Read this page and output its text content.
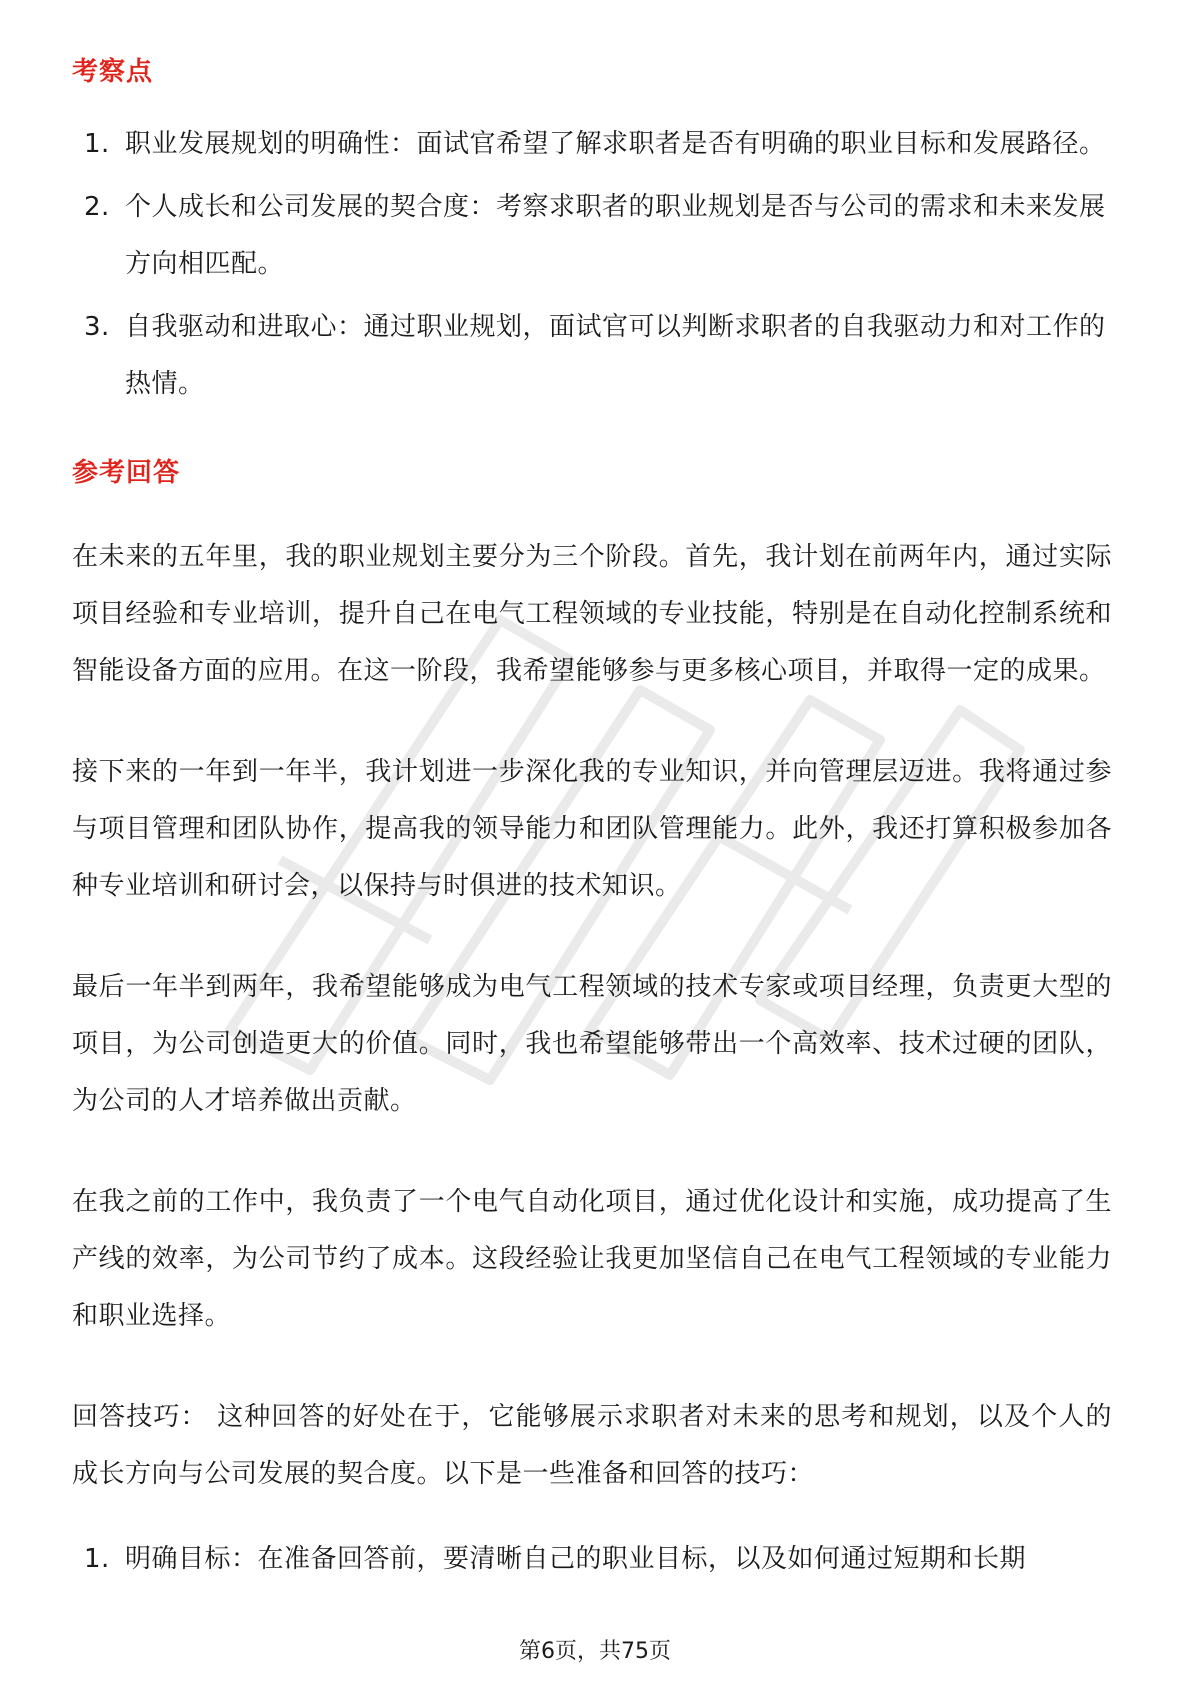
考察点
1. 职业发展规划的明确性：面试官希望了解求职者是否有明确的职业目标和发展路径。
2. 个人成长和公司发展的契合度：考察求职者的职业规划是否与公司的需求和未来发展方向相匹配。
3. 自我驱动和进取心：通过职业规划，面试官可以判断求职者的自我驱动力和对工作的热情。
参考回答

在未来的五年里，我的职业规划主要分为三个阶段。首先，我计划在前两年内，通过实际项目经验和专业培训，提升自己在电气工程领域的专业技能，特别是在自动化控制系统和智能设备方面的应用。在这一阶段，我希望能够参与更多核心项目，并取得一定的成果。

接下来的一年到一年半，我计划进一步深化我的专业知识，并向管理层迈进。我将通过参与项目管理和团队协作，提高我的领导能力和团队管理能力。此外，我还打算积极参加各种专业培训和研讨会，以保持与时俱进的技术知识。

最后一年半到两年，我希望能够成为电气工程领域的技术专家或项目经理，负责更大型的项目，为公司创造更大的价值。同时，我也希望能够带出一个高效率、技术过硬的团队，为公司的人才培养做出贡献。

在我之前的工作中，我负责了一个电气自动化项目，通过优化设计和实施，成功提高了生产线的效率，为公司节约了成本。这段经验让我更加坚信自己在电气工程领域的专业能力和职业选择。

回答技巧： 这种回答的好处在于，它能够展示求职者对未来的思考和规划，以及个人的成长方向与公司发展的契合度。以下是一些准备和回答的技巧：

1. 明确目标：在准备回答前，要清晰自己的职业目标，以及如何通过短期和长期
第6页，共75页
